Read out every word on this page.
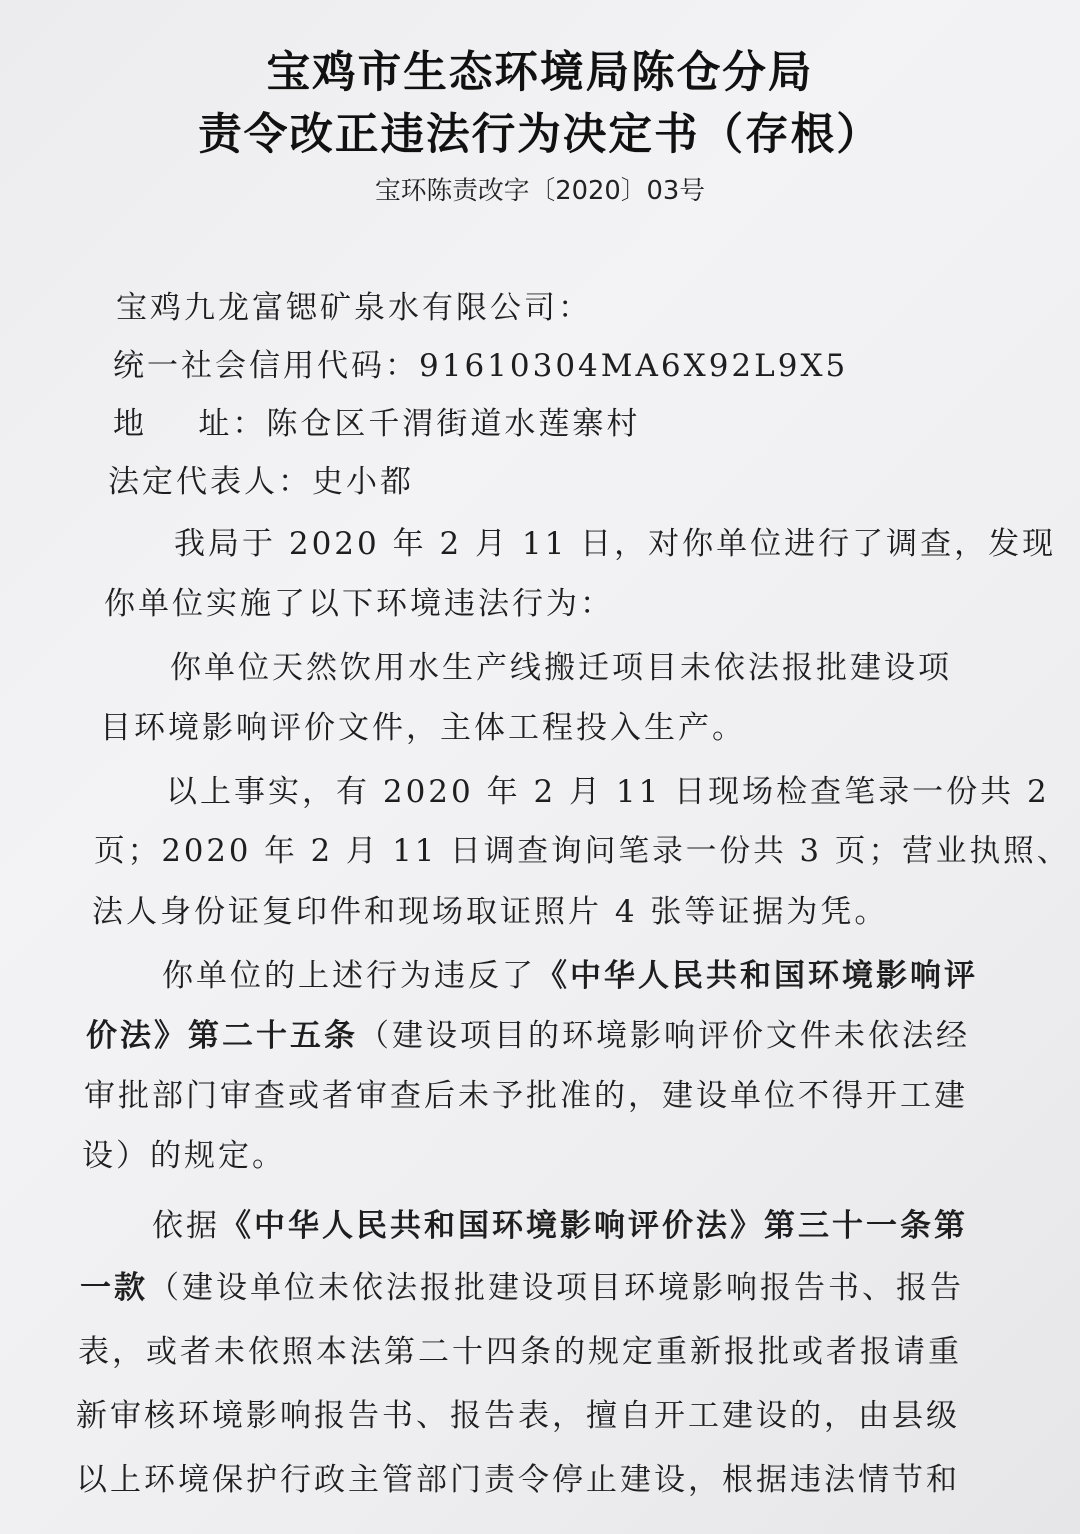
宝鸡市生态环境局陈仓分局
责令改正违法行为决定书（存根）
宝环陈责改字〔2020〕03号
宝鸡九龙富锶矿泉水有限公司：
统一社会信用代码：91610304MA6X92L9X5
地    址：陈仓区千渭街道水莲寨村
法定代表人：史小都
我局于 2020 年 2 月 11 日，对你单位进行了调查，发现
你单位实施了以下环境违法行为：
你单位天然饮用水生产线搬迁项目未依法报批建设项
目环境影响评价文件，主体工程投入生产。
以上事实，有 2020 年 2 月 11 日现场检查笔录一份共 2
页；2020 年 2 月 11 日调查询问笔录一份共 3 页；营业执照、
法人身份证复印件和现场取证照片 4 张等证据为凭。
你单位的上述行为违反了《中华人民共和国环境影响评
价法》第二十五条（建设项目的环境影响评价文件未依法经
审批部门审查或者审查后未予批准的，建设单位不得开工建
设）的规定。
依据《中华人民共和国环境影响评价法》第三十一条第
一款（建设单位未依法报批建设项目环境影响报告书、报告
表，或者未依照本法第二十四条的规定重新报批或者报请重
新审核环境影响报告书、报告表，擅自开工建设的，由县级
以上环境保护行政主管部门责令停止建设，根据违法情节和
